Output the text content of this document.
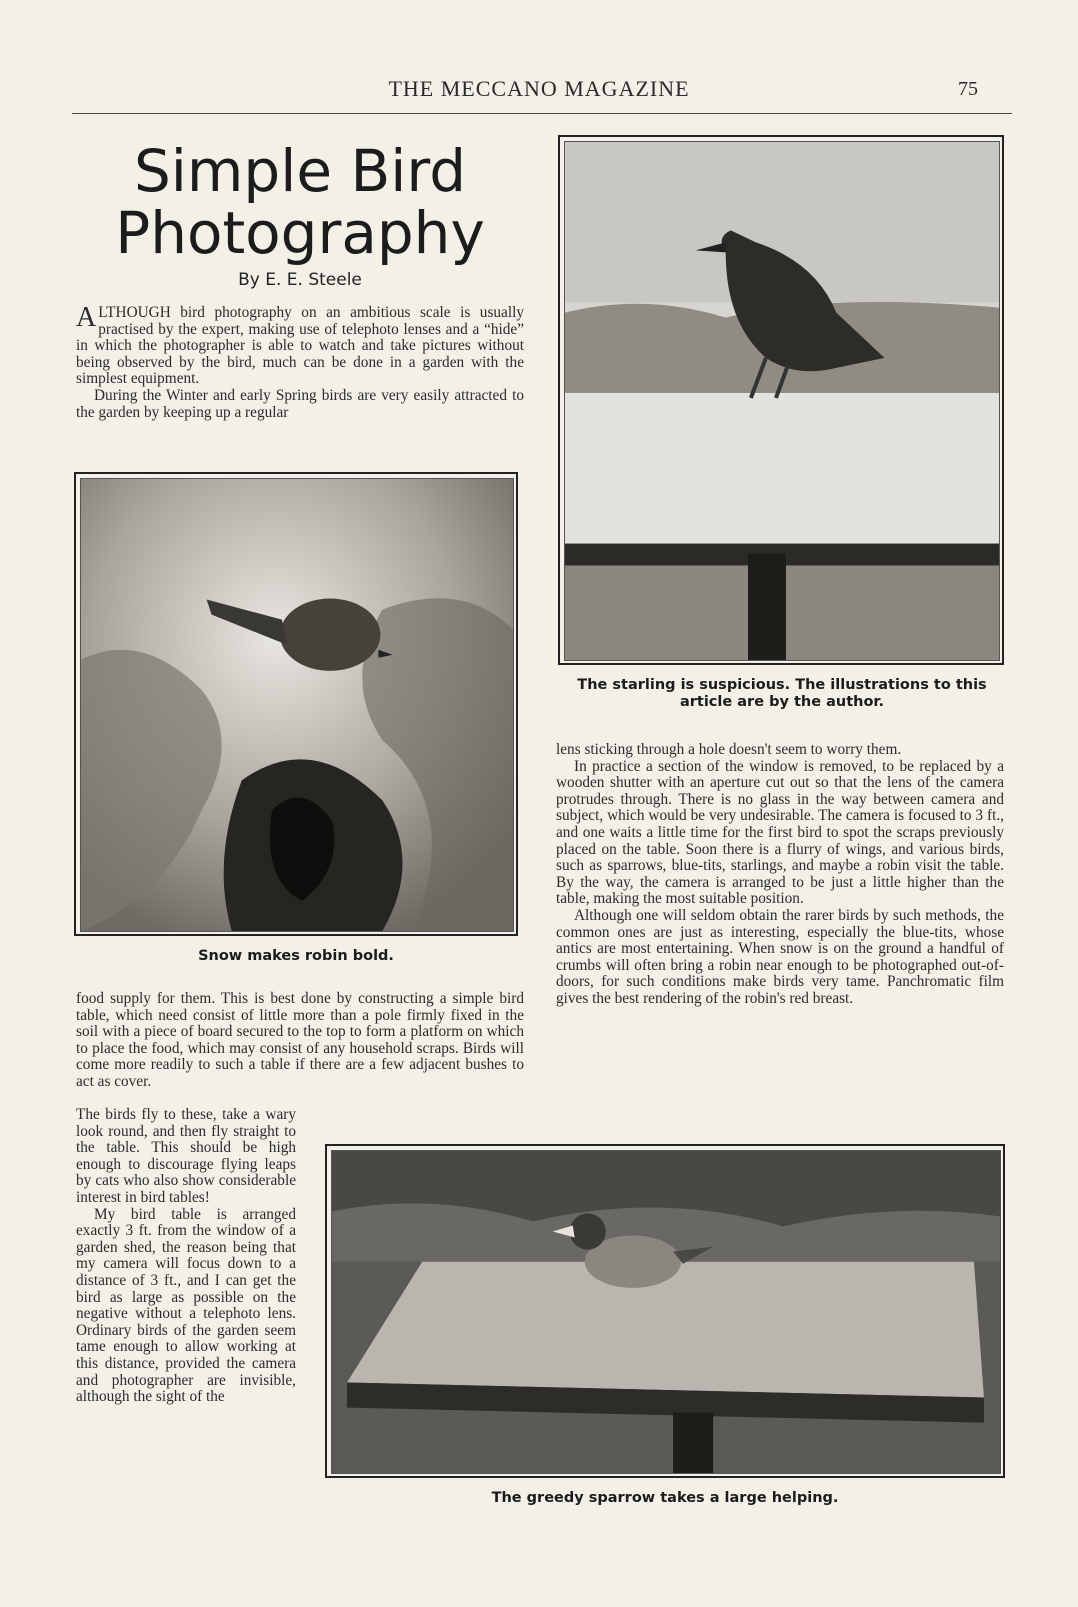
THE MECCANO MAGAZINE	75
Simple Bird
Photography
By E. E. Steele

ALTHOUGH bird photography on an ambitious scale is usually practised by the expert, making use of telephoto lenses and a “hide” in which the photographer is able to watch and take pictures without being observed by the bird, much can be done in a garden with the simplest equipment.

During the Winter and early Spring birds are very easily attracted to the garden by keeping up a regular

Snow makes robin bold.
food supply for them. This is best done by constructing a simple bird table, which need consist of little more than a pole firmly fixed in the soil with a piece of board secured to the top to form a platform on which to place the food, which may consist of any household scraps. Birds will come more readily to such a table if there are a few adjacent bushes to act as cover.

The birds fly to these, take a wary look round, and then fly straight to the table. This should be high enough to discourage flying leaps by cats who also show considerable interest in bird tables!

My bird table is arranged exactly 3 ft. from the window of a garden shed, the reason being that my camera will focus down to a distance of 3 ft., and I can get the bird as large as possible on the negative without a telephoto lens. Ordinary birds of the garden seem tame enough to allow working at this distance, provided the camera and photographer are invisible, although the sight of the

The starling is suspicious. The illustrations to this article are by the author.

lens sticking through a hole doesn't seem to worry them.

In practice a section of the window is removed, to be replaced by a wooden shutter with an aperture cut out so that the lens of the camera protrudes through. There is no glass in the way between camera and subject, which would be very undesirable. The camera is focused to 3 ft., and one waits a little time for the first bird to spot the scraps previously placed on the table. Soon there is a flurry of wings, and various birds, such as sparrows, blue-tits, starlings, and maybe a robin visit the table. By the way, the camera is arranged to be just a little higher than the table, making the most suitable position.

Although one will seldom obtain the rarer birds by such methods, the common ones are just as interesting, especially the blue-tits, whose antics are most entertaining. When snow is on the ground a handful of crumbs will often bring a robin near enough to be photographed out-of-doors, for such conditions make birds very tame. Panchromatic film gives the best rendering of the robin's red breast.

The greedy sparrow takes a large helping.
